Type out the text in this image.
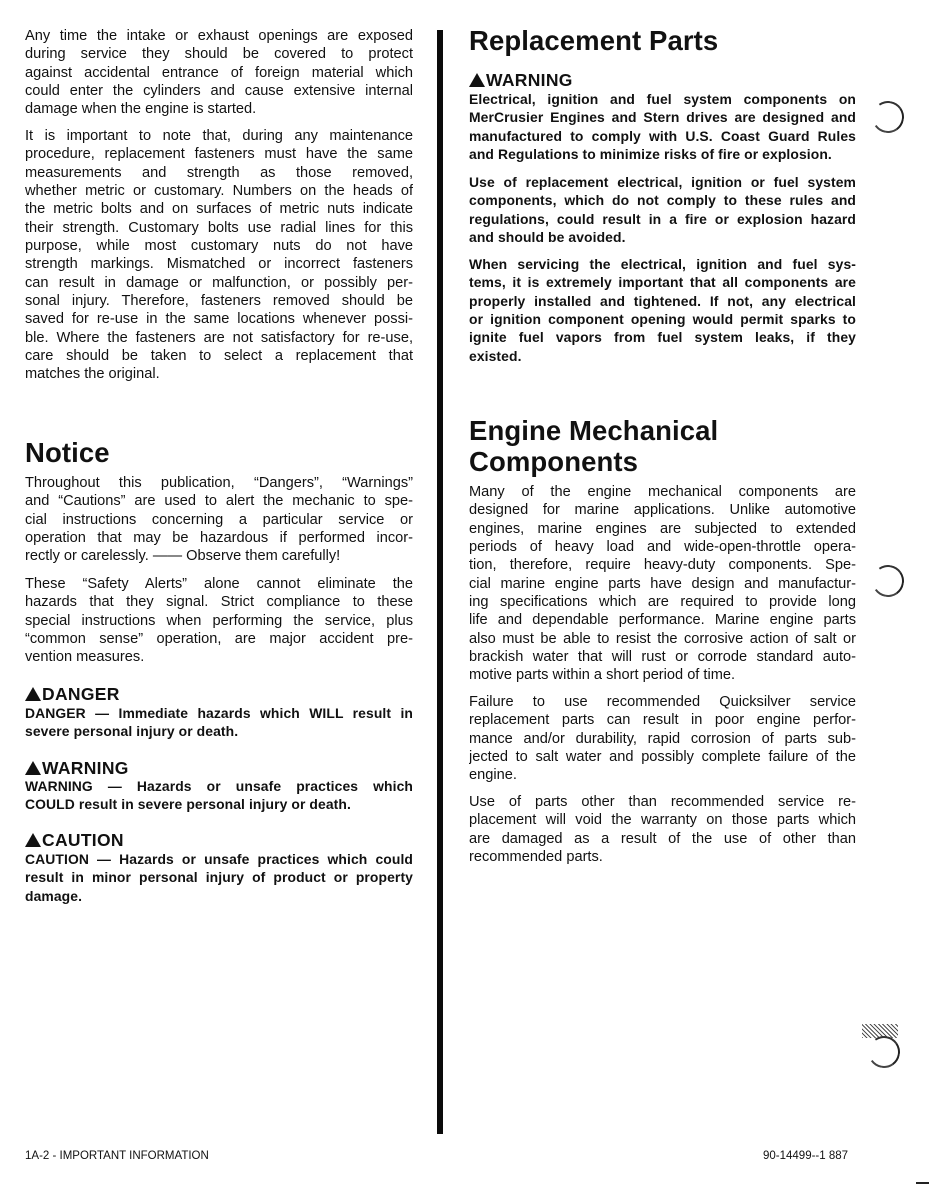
Any time the intake or exhaust openings are exposed
during service they should be covered to protect
against accidental entrance of foreign material which
could enter the cylinders and cause extensive internal
damage when the engine is started.
It is important to note that, during any maintenance
procedure, replacement fasteners must have the same
measurements and strength as those removed,
whether metric or customary. Numbers on the heads of
the metric bolts and on surfaces of metric nuts indicate
their strength. Customary bolts use radial lines for this
purpose, while most customary nuts do not have
strength markings. Mismatched or incorrect fasteners
can result in damage or malfunction, or possibly per-
sonal injury. Therefore, fasteners removed should be
saved for re-use in the same locations whenever possi-
ble. Where the fasteners are not satisfactory for re-use,
care should be taken to select a replacement that
matches the original.
Notice
Throughout this publication, “Dangers”, “Warnings”
and “Cautions” are used to alert the mechanic to spe-
cial instructions concerning a particular service or
operation that may be hazardous if performed incor-
rectly or carelessly. —— Observe them carefully!
These “Safety Alerts” alone cannot eliminate the
hazards that they signal. Strict compliance to these
special instructions when performing the service, plus
“common sense” operation, are major accident pre-
vention measures.
DANGER
DANGER — Immediate hazards which WILL result in
severe personal injury or death.
WARNING
WARNING — Hazards or unsafe practices which
COULD result in severe personal injury or death.
CAUTION
CAUTION — Hazards or unsafe practices which could
result in minor personal injury of product or property
damage.
Replacement Parts
WARNING
Electrical, ignition and fuel system components on
MerCrusier Engines and Stern drives are designed and
manufactured to comply with U.S. Coast Guard Rules
and Regulations to minimize risks of fire or explosion.
Use of replacement electrical, ignition or fuel system
components, which do not comply to these rules and
regulations, could result in a fire or explosion hazard
and should be avoided.
When servicing the electrical, ignition and fuel sys-
tems, it is extremely important that all components are
properly installed and tightened. If not, any electrical
or ignition component opening would permit sparks to
ignite fuel vapors from fuel system leaks, if they
existed.
Engine Mechanical
Components
Many of the engine mechanical components are
designed for marine applications. Unlike automotive
engines, marine engines are subjected to extended
periods of heavy load and wide-open-throttle opera-
tion, therefore, require heavy-duty components. Spe-
cial marine engine parts have design and manufactur-
ing specifications which are required to provide long
life and dependable performance. Marine engine parts
also must be able to resist the corrosive action of salt or
brackish water that will rust or corrode standard auto-
motive parts within a short period of time.
Failure to use recommended Quicksilver service
replacement parts can result in poor engine perfor-
mance and/or durability, rapid corrosion of parts sub-
jected to salt water and possibly complete failure of the
engine.
Use of parts other than recommended service re-
placement will void the warranty on those parts which
are damaged as a result of the use of other than
recommended parts.
1A-2 - IMPORTANT INFORMATION	90-14499--1 887
